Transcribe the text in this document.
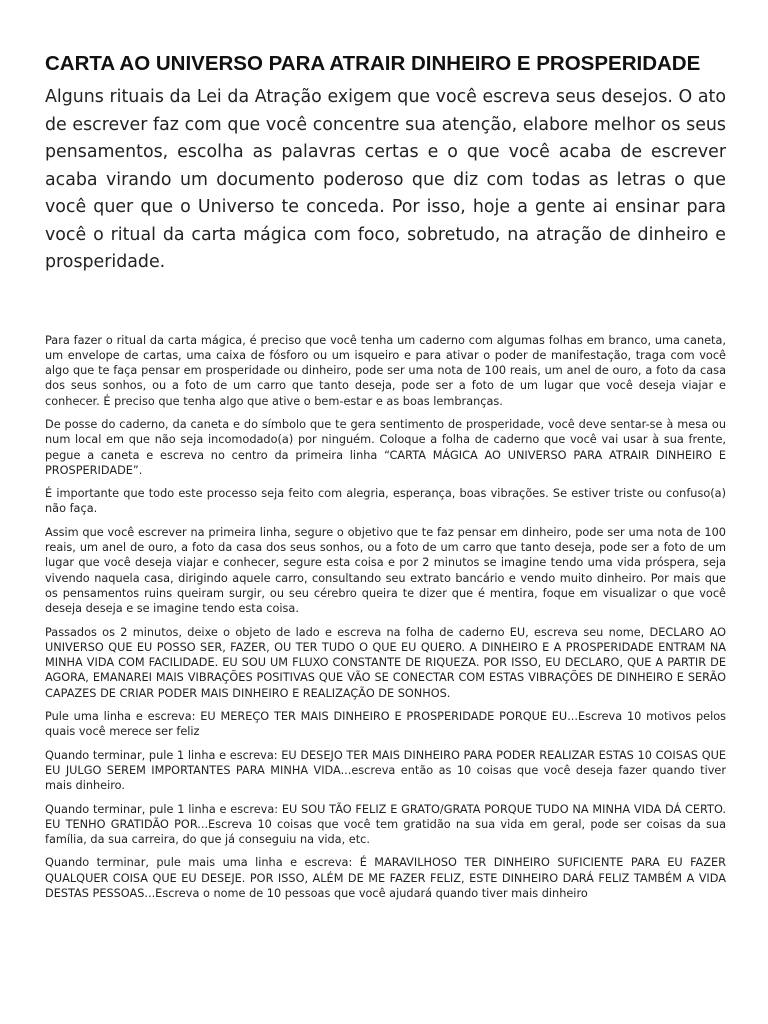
CARTA AO UNIVERSO PARA ATRAIR DINHEIRO E PROSPERIDADE

Alguns rituais da Lei da Atração exigem que você escreva seus desejos. O ato de escrever faz com que você concentre sua atenção, elabore melhor os seus pensamentos, escolha as palavras certas e o que você acaba de escrever acaba virando um documento poderoso que diz com todas as letras o que você quer que o Universo te conceda. Por isso, hoje a gente ai ensinar para você o ritual da carta mágica com foco, sobretudo, na atração de dinheiro e prosperidade.

Para fazer o ritual da carta mágica, é preciso que você tenha um caderno com algumas folhas em branco, uma caneta, um envelope de cartas, uma caixa de fósforo ou um isqueiro e para ativar o poder de manifestação, traga com você algo que te faça pensar em prosperidade ou dinheiro, pode ser uma nota de 100 reais, um anel de ouro, a foto da casa dos seus sonhos, ou a foto de um carro que tanto deseja, pode ser a foto de um lugar que você deseja viajar e conhecer. É preciso que tenha algo que ative o bem-estar e as boas lembranças.

De posse do caderno, da caneta e do símbolo que te gera sentimento de prosperidade, você deve sentar-se à mesa ou num local em que não seja incomodado(a) por ninguém. Coloque a folha de caderno que você vai usar à sua frente, pegue a caneta e escreva no centro da primeira linha “CARTA MÁGICA AO UNIVERSO PARA ATRAIR DINHEIRO E PROSPERIDADE”.

É importante que todo este processo seja feito com alegria, esperança, boas vibrações. Se estiver triste ou confuso(a) não faça.

Assim que você escrever na primeira linha, segure o objetivo que te faz pensar em dinheiro, pode ser uma nota de 100 reais, um anel de ouro, a foto da casa dos seus sonhos, ou a foto de um carro que tanto deseja, pode ser a foto de um lugar que você deseja viajar e conhecer, segure esta coisa e por 2 minutos se imagine tendo uma vida próspera, seja vivendo naquela casa, dirigindo aquele carro, consultando seu extrato bancário e vendo muito dinheiro. Por mais que os pensamentos ruins queiram surgir, ou seu cérebro queira te dizer que é mentira, foque em visualizar o que você deseja deseja e se imagine tendo esta coisa.

Passados os 2 minutos, deixe o objeto de lado e escreva na folha de caderno EU, escreva seu nome, DECLARO AO UNIVERSO QUE EU POSSO SER, FAZER, OU TER TUDO O QUE EU QUERO. A DINHEIRO E A PROSPERIDADE ENTRAM NA MINHA VIDA COM FACILIDADE. EU SOU UM FLUXO CONSTANTE DE RIQUEZA. POR ISSO, EU DECLARO, QUE A PARTIR DE AGORA, EMANAREI MAIS VIBRAÇÕES POSITIVAS QUE VÃO SE CONECTAR COM ESTAS VIBRAÇÕES DE DINHEIRO E SERÃO CAPAZES DE CRIAR PODER MAIS DINHEIRO E REALIZAÇÃO DE SONHOS.

Pule uma linha e escreva: EU MEREÇO TER MAIS DINHEIRO E PROSPERIDADE PORQUE EU...Escreva 10 motivos pelos quais você merece ser feliz

Quando terminar, pule 1 linha e escreva: EU DESEJO TER MAIS DINHEIRO PARA PODER REALIZAR ESTAS 10 COISAS QUE EU JULGO SEREM IMPORTANTES PARA MINHA VIDA...escreva então as 10 coisas que você deseja fazer quando tiver mais dinheiro.

Quando terminar, pule 1 linha e escreva: EU SOU TÃO FELIZ E GRATO/GRATA PORQUE TUDO NA MINHA VIDA DÁ CERTO. EU TENHO GRATIDÃO POR...Escreva 10 coisas que você tem gratidão na sua vida em geral, pode ser coisas da sua família, da sua carreira, do que já conseguiu na vida, etc.

Quando terminar, pule mais uma linha e escreva: É MARAVILHOSO TER DINHEIRO SUFICIENTE PARA EU FAZER QUALQUER COISA QUE EU DESEJE. POR ISSO, ALÉM DE ME FAZER FELIZ, ESTE DINHEIRO DARÁ FELIZ TAMBÉM A VIDA DESTAS PESSOAS...Escreva o nome de 10 pessoas que você ajudará quando tiver mais dinheiro
